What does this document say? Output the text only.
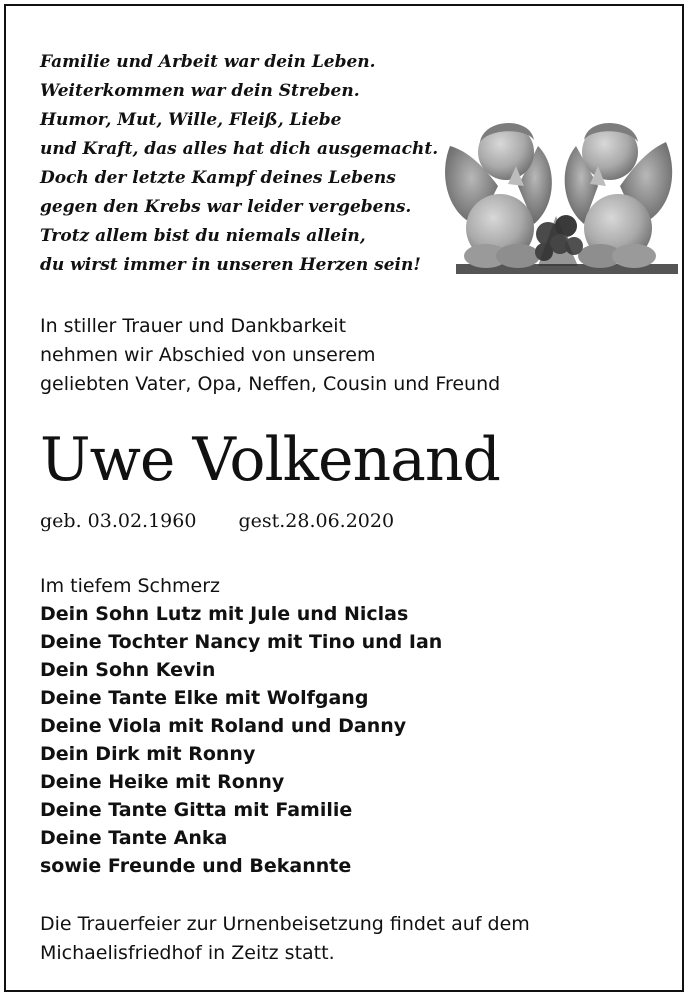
Familie und Arbeit war dein Leben.
Weiterkommen war dein Streben.
Humor, Mut, Wille, Fleiß, Liebe
und Kraft, das alles hat dich ausgemacht.
Doch der letzte Kampf deines Lebens
gegen den Krebs war leider vergebens.
Trotz allem bist du niemals allein,
du wirst immer in unseren Herzen sein!
In stiller Trauer und Dankbarkeit
nehmen wir Abschied von unserem
geliebten Vater, Opa, Neffen, Cousin und Freund
Uwe Volkenand
geb. 03.02.1960 gest.28.06.2020
Im tiefem Schmerz
Dein Sohn Lutz mit Jule und Niclas
Deine Tochter Nancy mit Tino und Ian
Dein Sohn Kevin
Deine Tante Elke mit Wolfgang
Deine Viola mit Roland und Danny
Dein Dirk mit Ronny
Deine Heike mit Ronny
Deine Tante Gitta mit Familie
Deine Tante Anka
sowie Freunde und Bekannte
Die Trauerfeier zur Urnenbeisetzung findet auf dem
Michaelisfriedhof in Zeitz statt.
